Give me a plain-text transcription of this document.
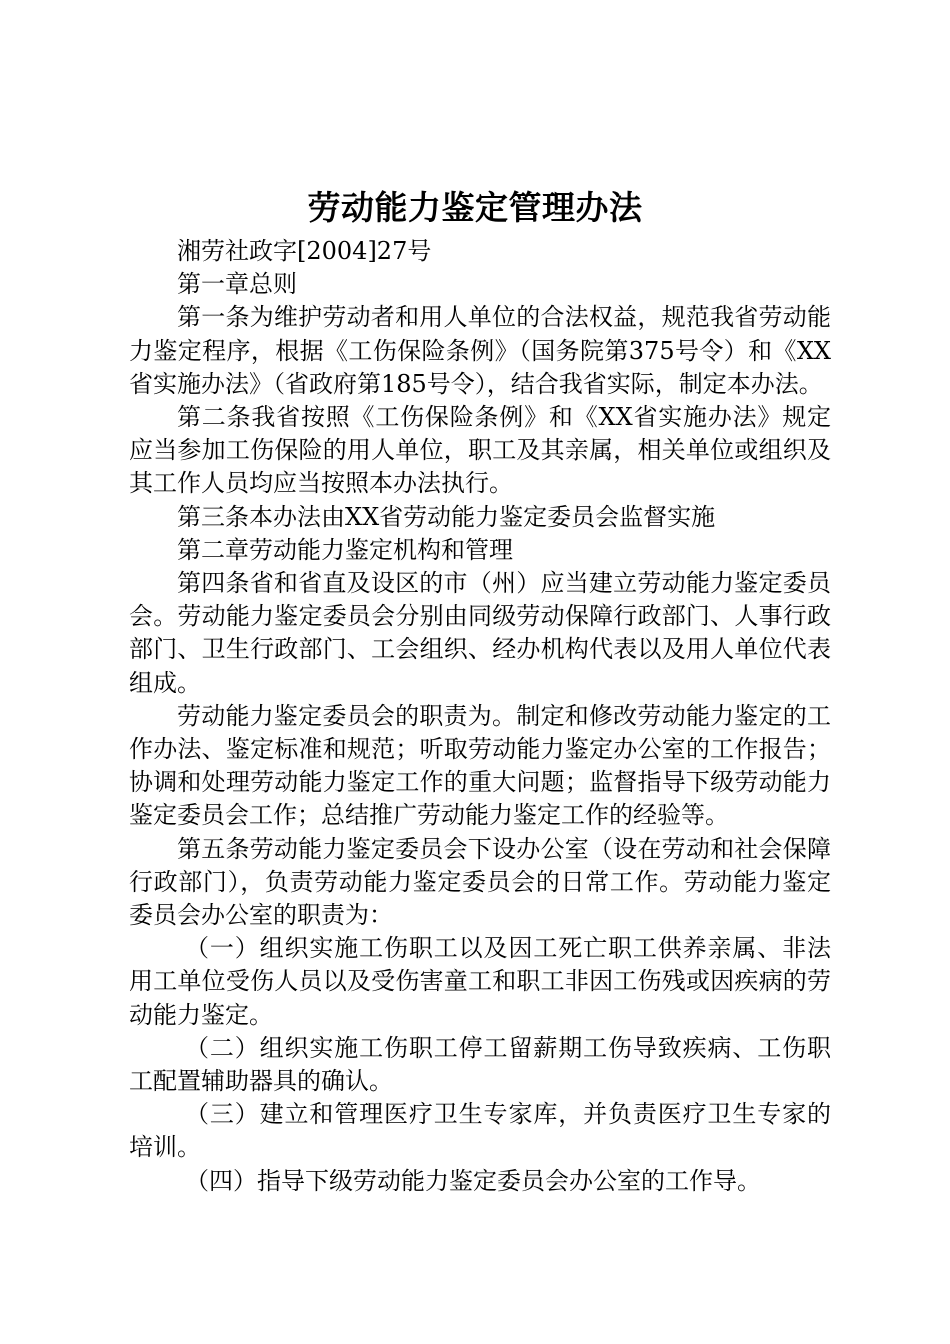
劳动能力鉴定管理办法

湘劳社政字[2004]27号

第一章总则

第一条为维护劳动者和用人单位的合法权益，规范我省劳动能力鉴定程序，根据《工伤保险条例》（国务院第375号令）和《XX省实施办法》（省政府第185号令），结合我省实际，制定本办法。

第二条我省按照《工伤保险条例》和《XX省实施办法》规定应当参加工伤保险的用人单位，职工及其亲属，相关单位或组织及其工作人员均应当按照本办法执行。

第三条本办法由XX省劳动能力鉴定委员会监督实施

第二章劳动能力鉴定机构和管理

第四条省和省直及设区的市（州）应当建立劳动能力鉴定委员会。劳动能力鉴定委员会分别由同级劳动保障行政部门、人事行政部门、卫生行政部门、工会组织、经办机构代表以及用人单位代表组成。

劳动能力鉴定委员会的职责为。制定和修改劳动能力鉴定的工作办法、鉴定标准和规范；听取劳动能力鉴定办公室的工作报告；协调和处理劳动能力鉴定工作的重大问题；监督指导下级劳动能力鉴定委员会工作；总结推广劳动能力鉴定工作的经验等。

第五条劳动能力鉴定委员会下设办公室（设在劳动和社会保障行政部门），负责劳动能力鉴定委员会的日常工作。劳动能力鉴定委员会办公室的职责为：

（一）组织实施工伤职工以及因工死亡职工供养亲属、非法用工单位受伤人员以及受伤害童工和职工非因工伤残或因疾病的劳动能力鉴定。

（二）组织实施工伤职工停工留薪期工伤导致疾病、工伤职工配置辅助器具的确认。

（三）建立和管理医疗卫生专家库，并负责医疗卫生专家的培训。

（四）指导下级劳动能力鉴定委员会办公室的工作导。
